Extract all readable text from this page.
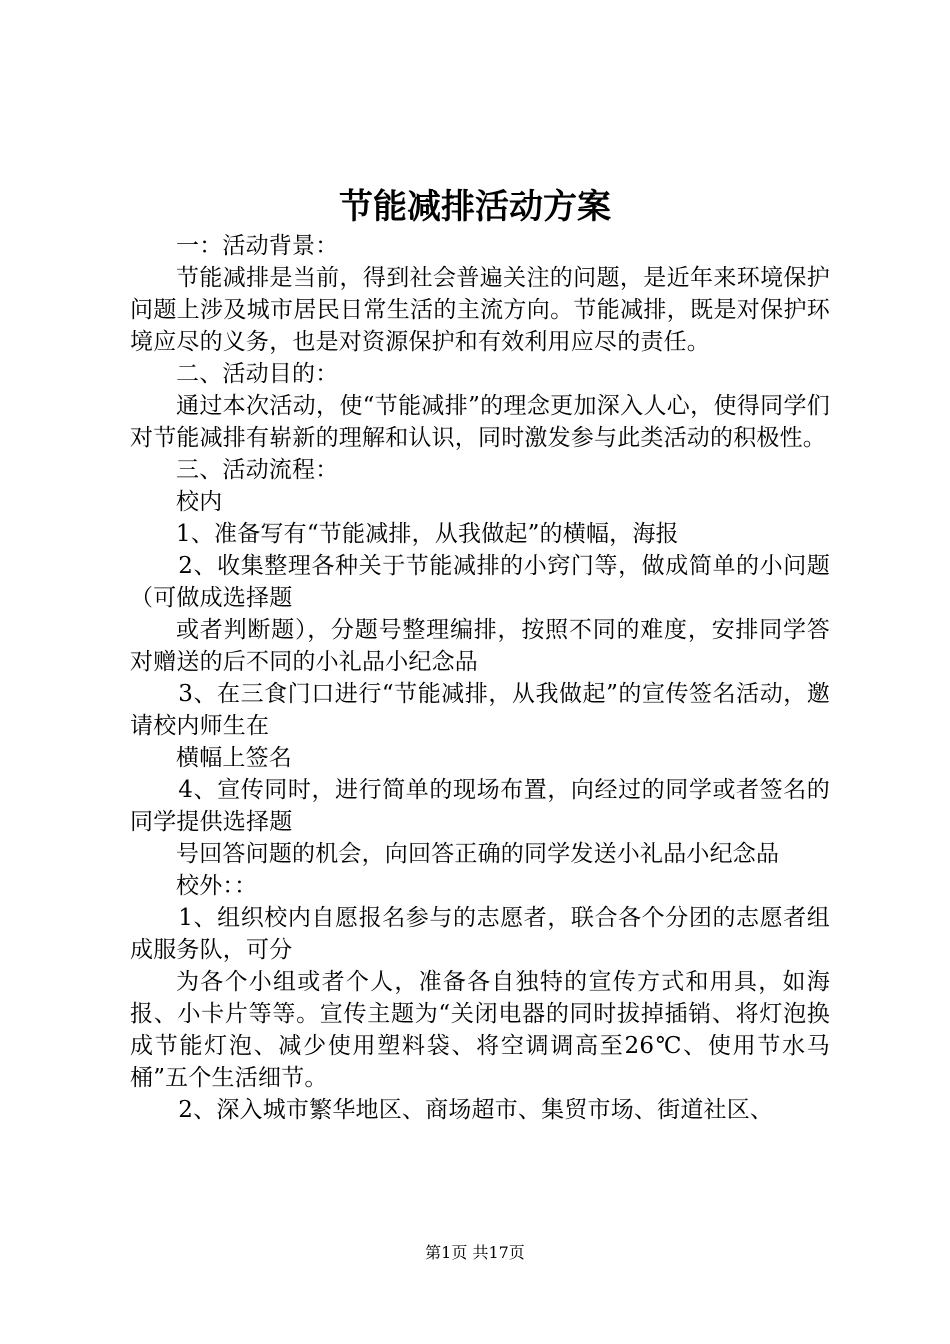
节能减排活动方案

一：活动背景：

节能减排是当前，得到社会普遍关注的问题，是近年来环境保护问题上涉及城市居民日常生活的主流方向。节能减排，既是对保护环境应尽的义务，也是对资源保护和有效利用应尽的责任。

二、活动目的：

通过本次活动，使“节能减排”的理念更加深入人心，使得同学们对节能减排有崭新的理解和认识，同时激发参与此类活动的积极性。

三、活动流程：

校内

1、准备写有“节能减排，从我做起”的横幅，海报

2、收集整理各种关于节能减排的小窍门等，做成简单的小问题（可做成选择题

或者判断题），分题号整理编排，按照不同的难度，安排同学答对赠送的后不同的小礼品小纪念品

3、在三食门口进行“节能减排，从我做起”的宣传签名活动，邀请校内师生在

横幅上签名

4、宣传同时，进行简单的现场布置，向经过的同学或者签名的同学提供选择题

号回答问题的机会，向回答正确的同学发送小礼品小纪念品

校外：：

1、组织校内自愿报名参与的志愿者，联合各个分团的志愿者组成服务队，可分

为各个小组或者个人，准备各自独特的宣传方式和用具，如海报、小卡片等等。宣传主题为“关闭电器的同时拔掉插销、将灯泡换成节能灯泡、减少使用塑料袋、将空调调高至26℃、使用节水马桶”五个生活细节。

2、深入城市繁华地区、商场超市、集贸市场、街道社区、

第1页 共17页
